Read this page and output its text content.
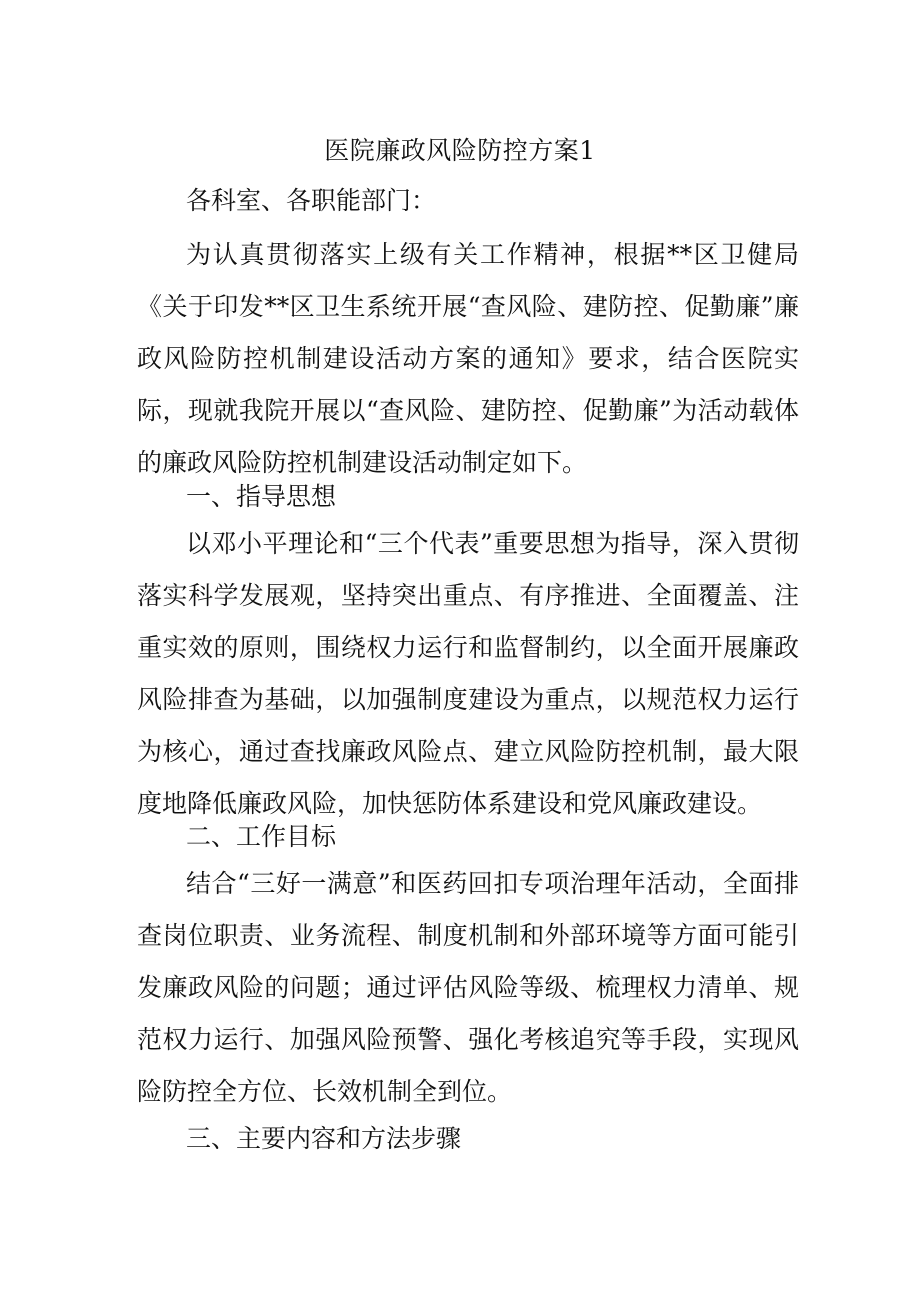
医院廉政风险防控方案1
各科室、各职能部门：

为认真贯彻落实上级有关工作精神，根据**区卫健局《关于印发**区卫生系统开展“查风险、建防控、促勤廉”廉政风险防控机制建设活动方案的通知》要求，结合医院实际，现就我院开展以“查风险、建防控、促勤廉”为活动载体的廉政风险防控机制建设活动制定如下。

一、指导思想

以邓小平理论和“三个代表”重要思想为指导，深入贯彻落实科学发展观，坚持突出重点、有序推进、全面覆盖、注重实效的原则，围绕权力运行和监督制约，以全面开展廉政风险排查为基础，以加强制度建设为重点，以规范权力运行为核心，通过查找廉政风险点、建立风险防控机制，最大限度地降低廉政风险，加快惩防体系建设和党风廉政建设。

二、工作目标

结合“三好一满意”和医药回扣专项治理年活动，全面排查岗位职责、业务流程、制度机制和外部环境等方面可能引发廉政风险的问题；通过评估风险等级、梳理权力清单、规范权力运行、加强风险预警、强化考核追究等手段，实现风险防控全方位、长效机制全到位。

三、主要内容和方法步骤
